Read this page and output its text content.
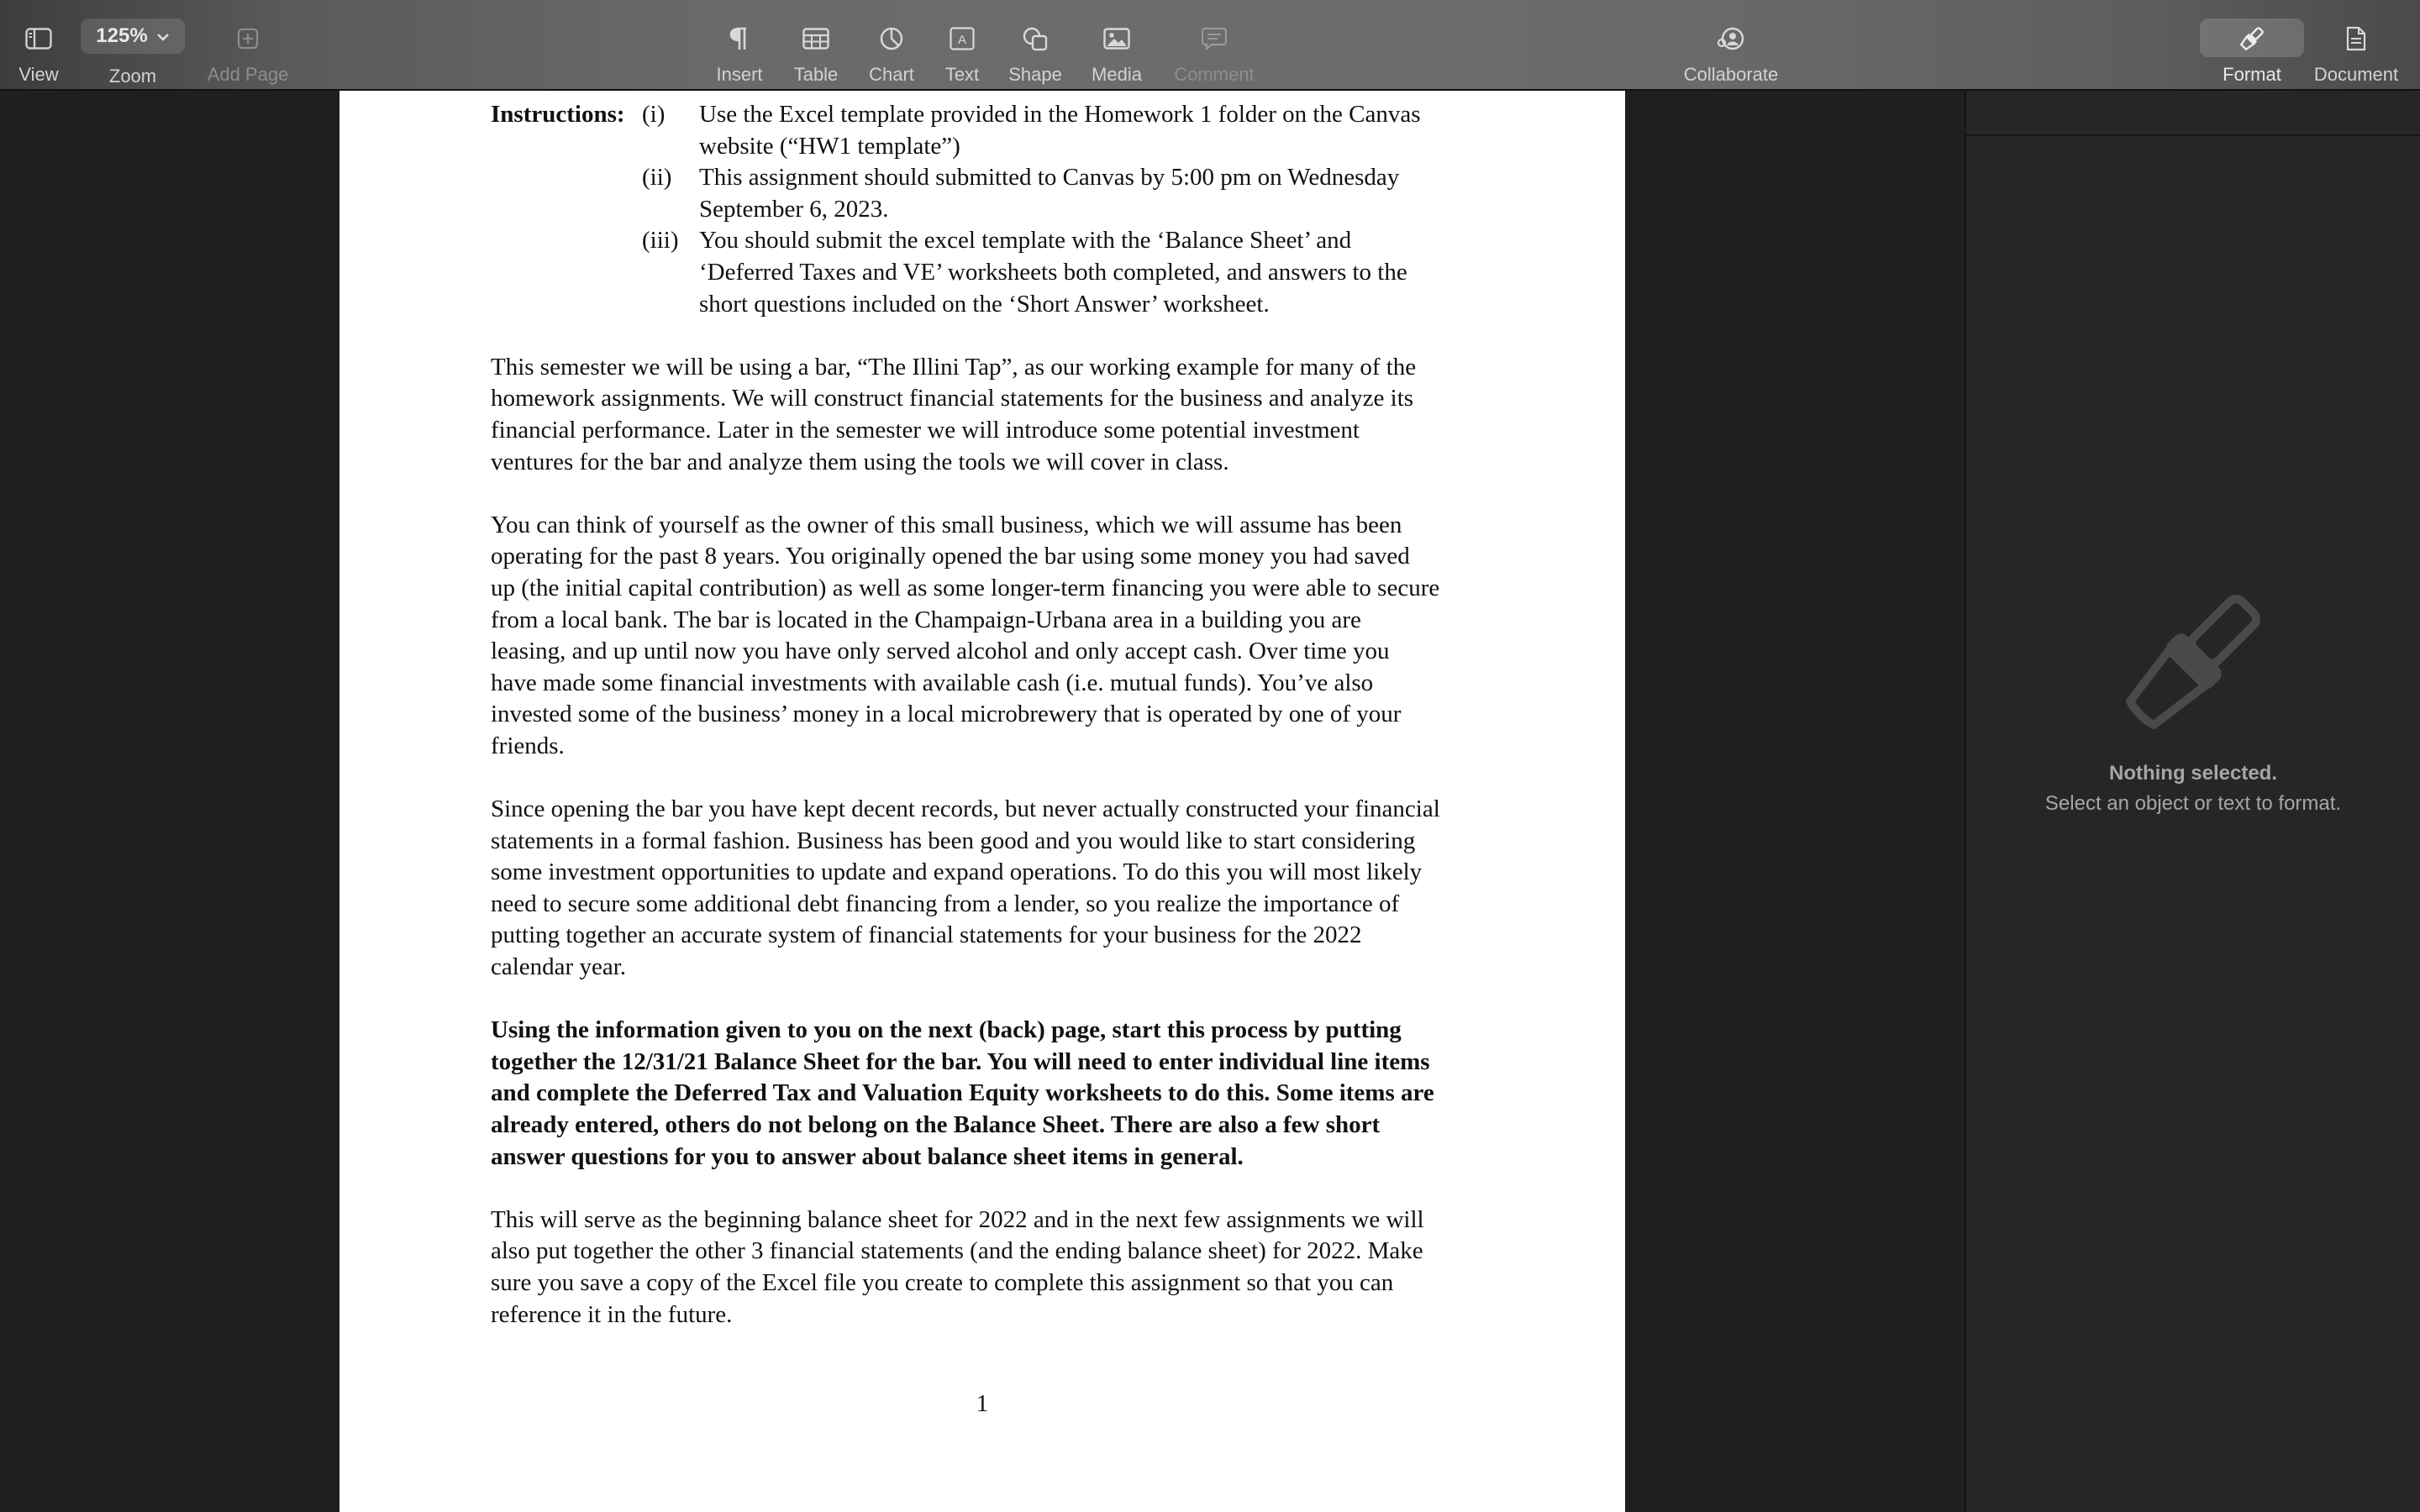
View
125%
Zoom	Add Page	Insert Table Chart
A
Text Shape Media Comment	Collaborate	Format Document
Instructions: (i)	Use the Excel template provided in the Homework 1 folder on the Canvas
website (“HW1 template”)
(ii)	This assignment should submitted to Canvas by 5:00 pm on Wednesday
September 6, 2023.
(iii) You should submit the excel template with the ‘Balance Sheet’ and
‘Deferred Taxes and VE’ worksheets both completed, and answers to the
short questions included on the ‘Short Answer’ worksheet.
This semester we will be using a bar, “The Illini Tap”, as our working example for many of the
homework assignments. We will construct financial statements for the business and analyze its
financial performance. Later in the semester we will introduce some potential investment
ventures for the bar and analyze them using the tools we will cover in class.
You can think of yourself as the owner of this small business, which we will assume has been
operating for the past 8 years. You originally opened the bar using some money you had saved
up (the initial capital contribution) as well as some longer-term financing you were able to secure
from a local bank. The bar is located in the Champaign-Urbana area in a building you are
leasing, and up until now you have only served alcohol and only accept cash. Over time you
have made some financial investments with available cash (i.e. mutual funds). You’ve also
invested some of the business’ money in a local microbrewery that is operated by one of your
friends.
Since opening the bar you have kept decent records, but never actually constructed your financial
statements in a formal fashion. Business has been good and you would like to start considering
some investment opportunities to update and expand operations. To do this you will most likely
need to secure some additional debt financing from a lender, so you realize the importance of
putting together an accurate system of financial statements for your business for the 2022
calendar year.
Using the information given to you on the next (back) page, start this process by putting
together the 12/31/21 Balance Sheet for the bar. You will need to enter individual line items
and complete the Deferred Tax and Valuation Equity worksheets to do this. Some items are
already entered, others do not belong on the Balance Sheet. There are also a few short
answer questions for you to answer about balance sheet items in general.
This will serve as the beginning balance sheet for 2022 and in the next few assignments we will
also put together the other 3 financial statements (and the ending balance sheet) for 2022. Make
sure you save a copy of the Excel file you create to complete this assignment so that you can
reference it in the future.
1
Nothing selected.
Select an object or text to format.
